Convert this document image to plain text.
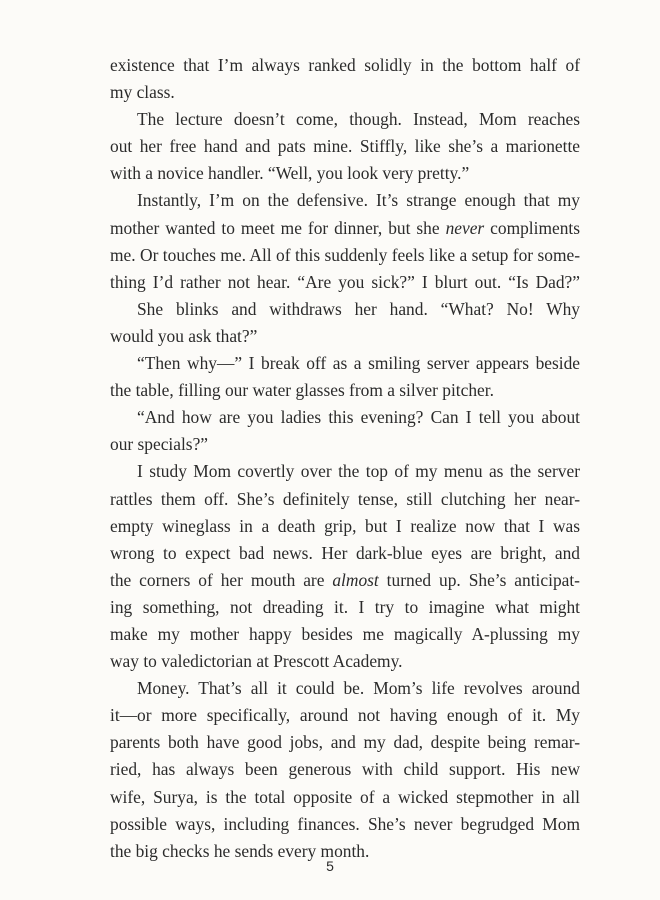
existence that I’m always ranked solidly in the bottom half of
my class.
The lecture doesn’t come, though. Instead, Mom reaches
out her free hand and pats mine. Stiffly, like she’s a marionette
with a novice handler. “Well, you look very pretty.”
Instantly, I’m on the defensive. It’s strange enough that my
mother wanted to meet me for dinner, but she never compliments
me. Or touches me. All of this suddenly feels like a setup for some-
thing I’d rather not hear. “Are you sick?” I blurt out. “Is Dad?”
She blinks and withdraws her hand. “What? No! Why
would you ask that?”
“Then why—” I break off as a smiling server appears beside
the table, filling our water glasses from a silver pitcher.
“And how are you ladies this evening? Can I tell you about
our specials?”
I study Mom covertly over the top of my menu as the server
rattles them off. She’s definitely tense, still clutching her near-
empty wineglass in a death grip, but I realize now that I was
wrong to expect bad news. Her dark-blue eyes are bright, and
the corners of her mouth are almost turned up. She’s anticipat-
ing something, not dreading it. I try to imagine what might
make my mother happy besides me magically A-plussing my
way to valedictorian at Prescott Academy.
Money. That’s all it could be. Mom’s life revolves around
it—or more specifically, around not having enough of it. My
parents both have good jobs, and my dad, despite being remar-
ried, has always been generous with child support. His new
wife, Surya, is the total opposite of a wicked stepmother in all
possible ways, including finances. She’s never begrudged Mom
the big checks he sends every month.
5
